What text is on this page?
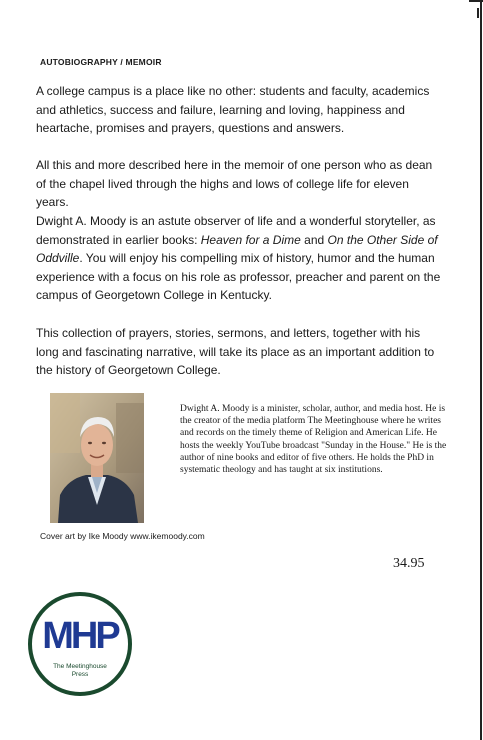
AUTOBIOGRAPHY / MEMOIR

A college campus is a place like no other: students and faculty, academics and athletics, success and failure, learning and loving, happiness and heartache, promises and prayers, questions and answers.

All this and more described here in the memoir of one person who as dean of the chapel lived through the highs and lows of college life for eleven years.

Dwight A. Moody is an astute observer of life and a wonderful storyteller, as demonstrated in earlier books: Heaven for a Dime and On the Other Side of Oddville. You will enjoy his compelling mix of history, humor and the human experience with a focus on his role as professor, preacher and parent on the campus of Georgetown College in Kentucky.

This collection of prayers, stories, sermons, and letters, together with his long and fascinating narrative, will take its place as an important addition to the history of Georgetown College.

Dwight A. Moody is a minister, scholar, author, and media host. He is the creator of the media platform The Meetinghouse where he writes and records on the timely theme of Religion and American Life. He hosts the weekly YouTube broadcast "Sunday in the House." He is the author of nine books and editor of five others. He holds the PhD in systematic theology and has taught at six institutions.

Cover art by Ike Moody www.ikemoody.com
34.95
MHP
The Meetinghouse
Press
